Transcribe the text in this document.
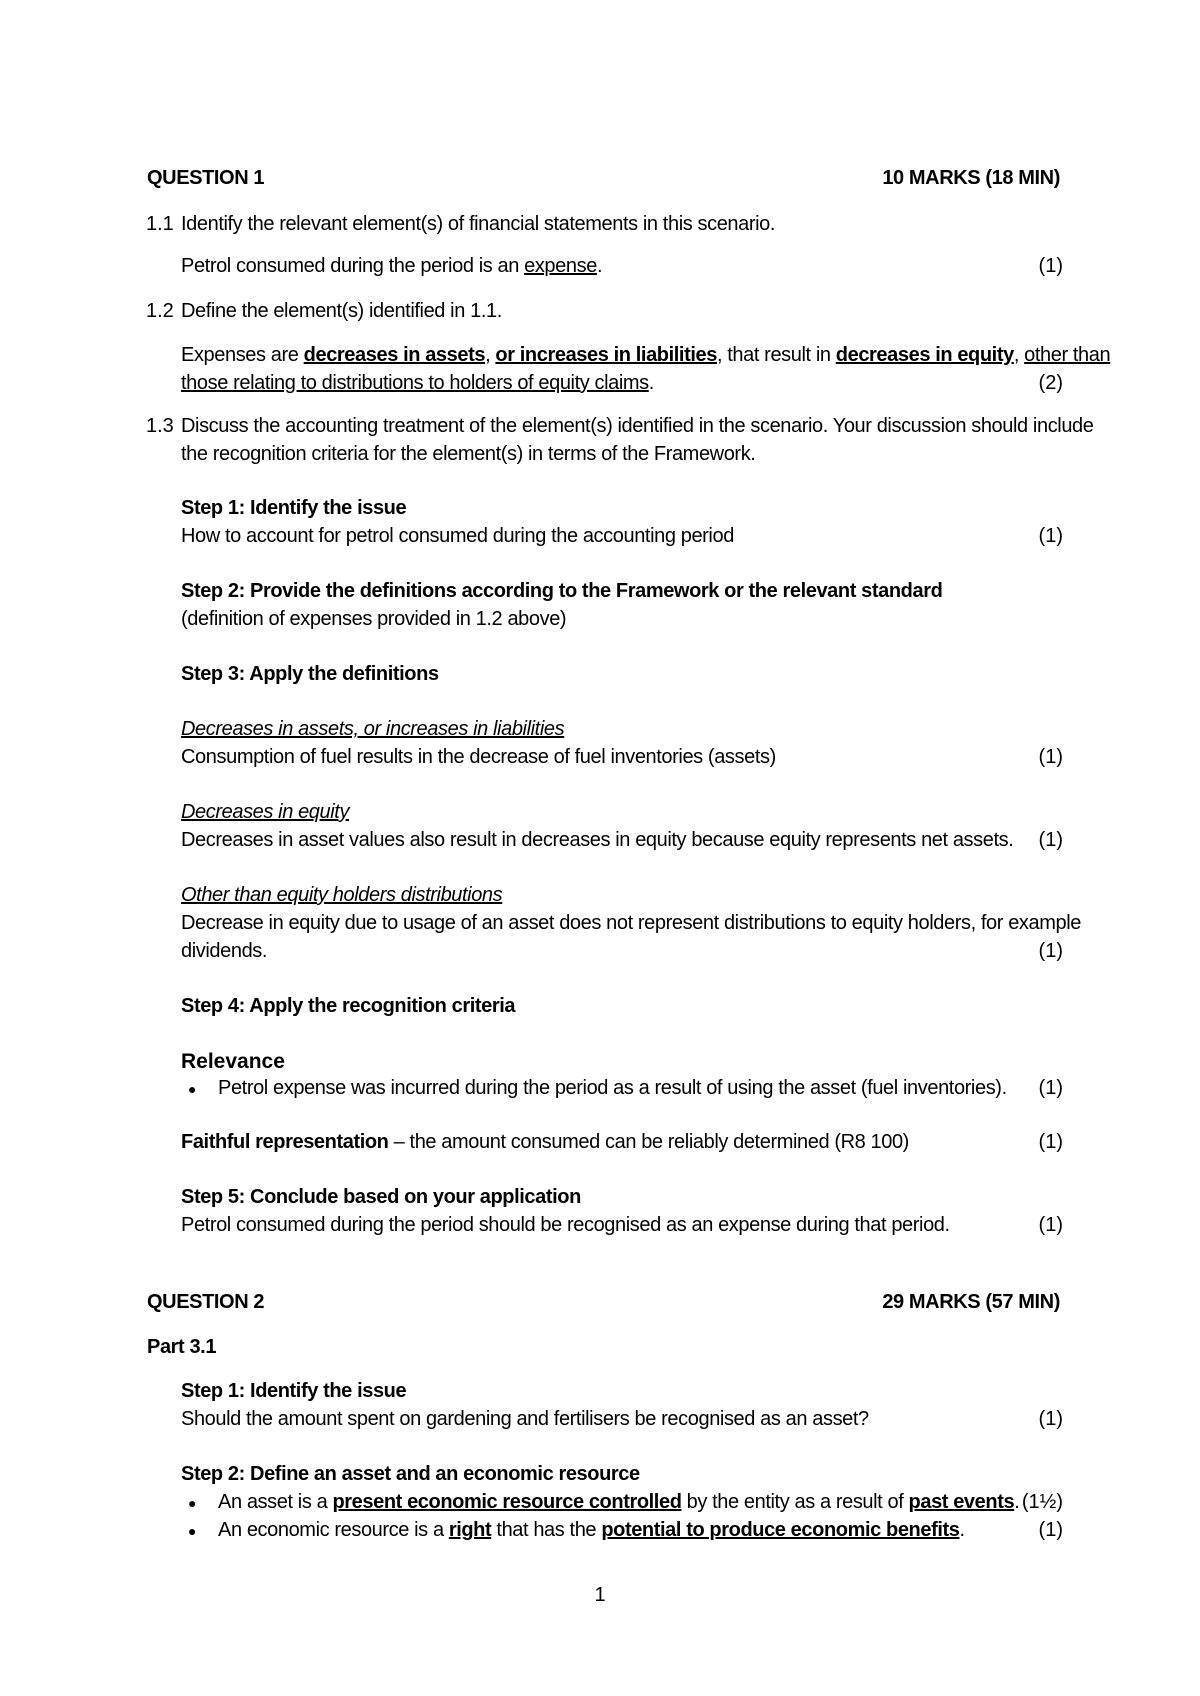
QUESTION 1	10 MARKS (18 MIN)
1.1 Identify the relevant element(s) of financial statements in this scenario.
Petrol consumed during the period is an expense.	(1)
1.2 Define the element(s) identified in 1.1.
Expenses are decreases in assets, or increases in liabilities, that result in decreases in equity, other than
those relating to distributions to holders of equity claims.	(2)
1.3 Discuss the accounting treatment of the element(s) identified in the scenario. Your discussion should include
the recognition criteria for the element(s) in terms of the Framework.
Step 1: Identify the issue
How to account for petrol consumed during the accounting period	(1)
Step 2: Provide the definitions according to the Framework or the relevant standard
(definition of expenses provided in 1.2 above)
Step 3: Apply the definitions
Decreases in assets, or increases in liabilities
Consumption of fuel results in the decrease of fuel inventories (assets)	(1)
Decreases in equity
Decreases in asset values also result in decreases in equity because equity represents net assets. (1)
Other than equity holders distributions
Decrease in equity due to usage of an asset does not represent distributions to equity holders, for example
dividends.	(1)
Step 4: Apply the recognition criteria
Relevance
● Petrol expense was incurred during the period as a result of using the asset (fuel inventories). (1)
Faithful representation – the amount consumed can be reliably determined (R8 100)	(1)
Step 5: Conclude based on your application
Petrol consumed during the period should be recognised as an expense during that period.	(1)
QUESTION 2	29 MARKS (57 MIN)
Part 3.1
Step 1: Identify the issue
Should the amount spent on gardening and fertilisers be recognised as an asset?	(1)
Step 2: Define an asset and an economic resource
● An asset is a present economic resource controlled by the entity as a result of past events. (1½)
● An economic resource is a right that has the potential to produce economic benefits.	(1)
1
